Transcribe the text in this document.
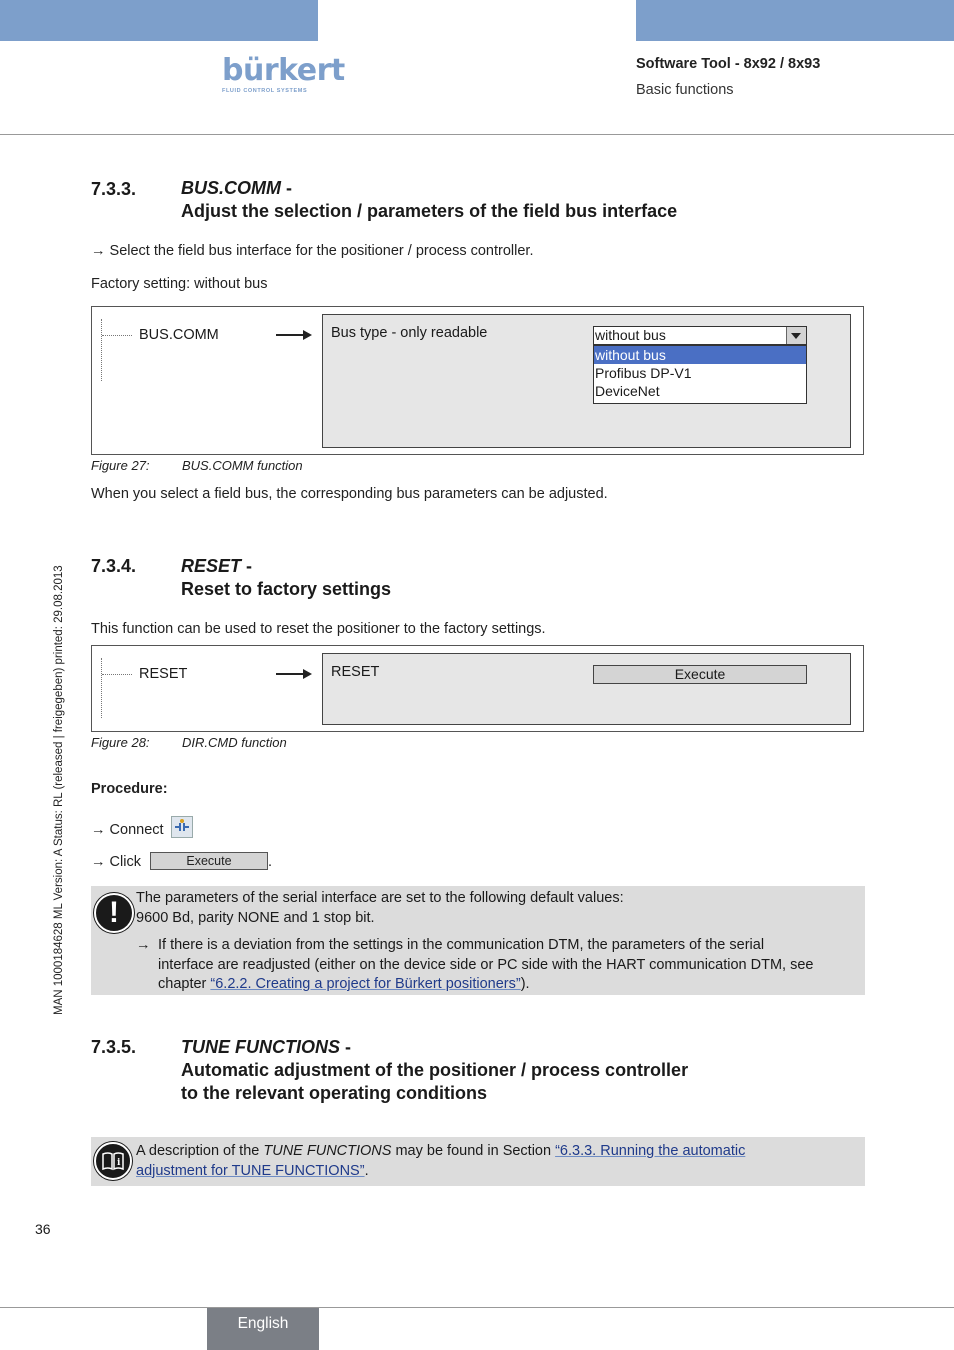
bürkert
FLUID CONTROL SYSTEMS
Software Tool - 8x92 / 8x93
Basic functions
MAN 1000184628 ML Version: A Status: RL (released | freigegeben) printed: 29.08.2013
7.3.3. BUS.COMM -
Adjust the selection / parameters of the field bus interface
→ Select the field bus interface for the positioner / process controller.
Factory setting: without bus
BUS.COMM	Bus type - only readable	without bus
without bus
Profibus DP-V1
DeviceNet
Figure 27: BUS.COMM function
When you select a field bus, the corresponding bus parameters can be adjusted.
7.3.4. RESET -
Reset to factory settings
This function can be used to reset the positioner to the factory settings.
RESET	RESET	Execute
Figure 28: DIR.CMD function
Procedure:
→ Connect
→ Click	Execute	.
!	The parameters of the serial interface are set to the following default values:
9600 Bd, parity NONE and 1 stop bit.
→ If there is a deviation from the settings in the communication DTM, the parameters of the serial
interface are readjusted (either on the device side or PC side with the HART communication DTM, see
chapter “6.2.2. Creating a project for Bürkert positioners”).
7.3.5. TUNE FUNCTIONS -
Automatic adjustment of the positioner / process controller
to the relevant operating conditions
i
A description of the TUNE FUNCTIONS may be found in Section “6.3.3. Running the automatic
adjustment for TUNE FUNCTIONS”.
36
English
